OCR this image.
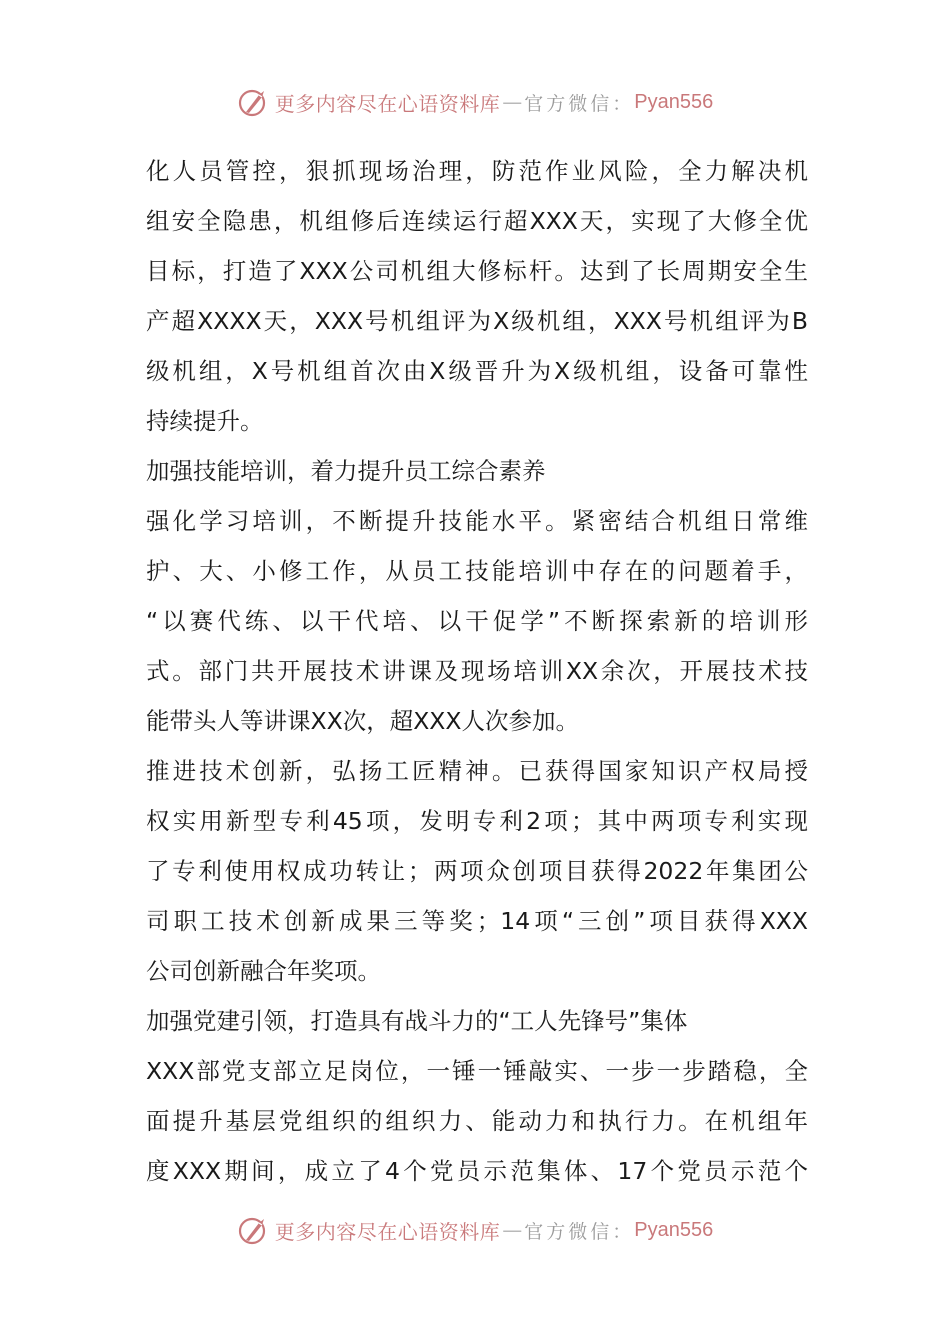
更多内容尽在心语资料库 — 官方微信： Pyan556
化人员管控，狠抓现场治理，防范作业风险，全力解决机
组安全隐患，机组修后连续运行超XXX天，实现了大修全优
目标，打造了XXX公司机组大修标杆。达到了长周期安全生
产超XXXX天，XXX号机组评为X级机组，XXX号机组评为B
级机组，X号机组首次由X级晋升为X级机组，设备可靠性
持续提升。
加强技能培训，着力提升员工综合素养
强化学习培训，不断提升技能水平。紧密结合机组日常维
护、大、小修工作，从员工技能培训中存在的问题着手，
“以赛代练、以干代培、以干促学”不断探索新的培训形
式。部门共开展技术讲课及现场培训XX余次，开展技术技
能带头人等讲课XX次，超XXX人次参加。
推进技术创新，弘扬工匠精神。已获得国家知识产权局授
权实用新型专利45项，发明专利2项；其中两项专利实现
了专利使用权成功转让；两项众创项目获得2022年集团公
司职工技术创新成果三等奖；14项“三创”项目获得XXX
公司创新融合年奖项。
加强党建引领，打造具有战斗力的“工人先锋号”集体
XXX部党支部立足岗位，一锤一锤敲实、一步一步踏稳，全
面提升基层党组织的组织力、能动力和执行力。在机组年
度XXX期间，成立了4个党员示范集体、17个党员示范个
更多内容尽在心语资料库 — 官方微信： Pyan556
